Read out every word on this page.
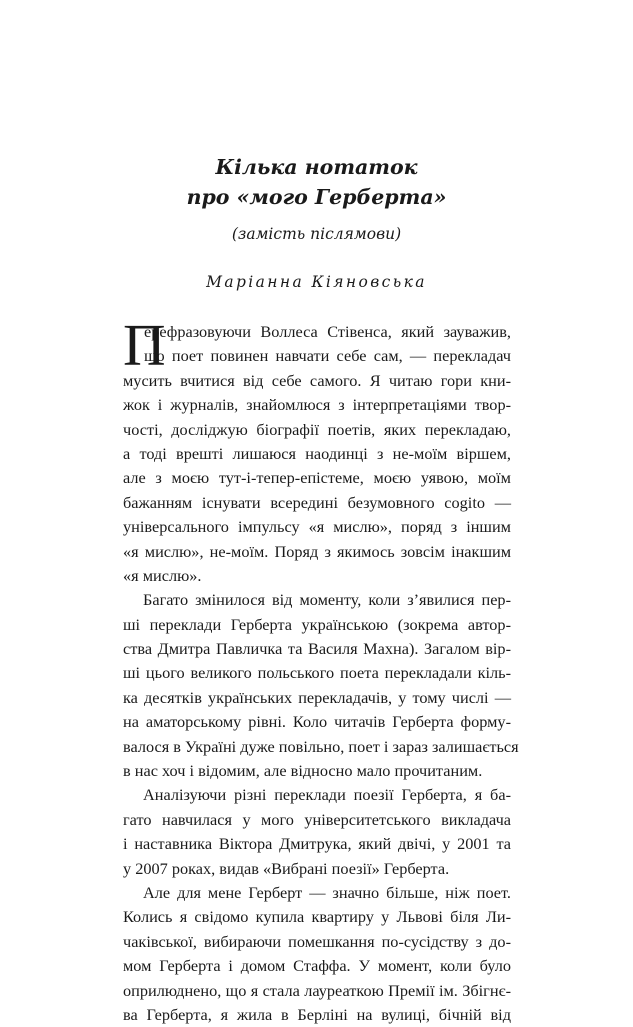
Кілька нотаток
про «мого Герберта»
(замість післямови)
Маріанна Кіяновська
П
ерефразовуючи Воллеса Стівенса, який зауважив,
що поет повинен навчати себе сам, — перекладач
мусить вчитися від себе самого. Я читаю гори кни-
жок і журналів, знайомлюся з інтерпретаціями твор-
чості, досліджую біографії поетів, яких перекладаю,
а тоді врешті лишаюся наодинці з не-моїм віршем,
але з моєю тут-і-тепер-епістеме, моєю уявою, моїм
бажанням існувати всередині безумовного cogito —
універсального імпульсу «я мислю», поряд з іншим
«я мислю», не-моїм. Поряд з якимось зовсім інакшим
«я мислю».
Багато змінилося від моменту, коли з’явилися пер-
ші переклади Герберта українською (зокрема автор-
ства Дмитра Павличка та Василя Махна). Загалом вір-
ші цього великого польського поета перекладали кіль-
ка десятків українських перекладачів, у тому числі —
на аматорському рівні. Коло читачів Герберта форму-
валося в Україні дуже повільно, поет і зараз залишається
в нас хоч і відомим, але відносно мало прочитаним.
Аналізуючи різні переклади поезії Герберта, я ба-
гато навчилася у мого університетського викладача
і наставника Віктора Дмитрука, який двічі, у 2001 та
у 2007 роках, видав «Вибрані поезії» Герберта.
Але для мене Герберт — значно більше, ніж поет.
Колись я свідомо купила квартиру у Львові біля Ли-
чаківської, вибираючи помешкання по-сусідству з до-
мом Герберта і домом Стаффа. У момент, коли було
оприлюднено, що я стала лауреаткою Премії ім. Збігнє-
ва Герберта, я жила в Берліні на вулиці, бічній від
